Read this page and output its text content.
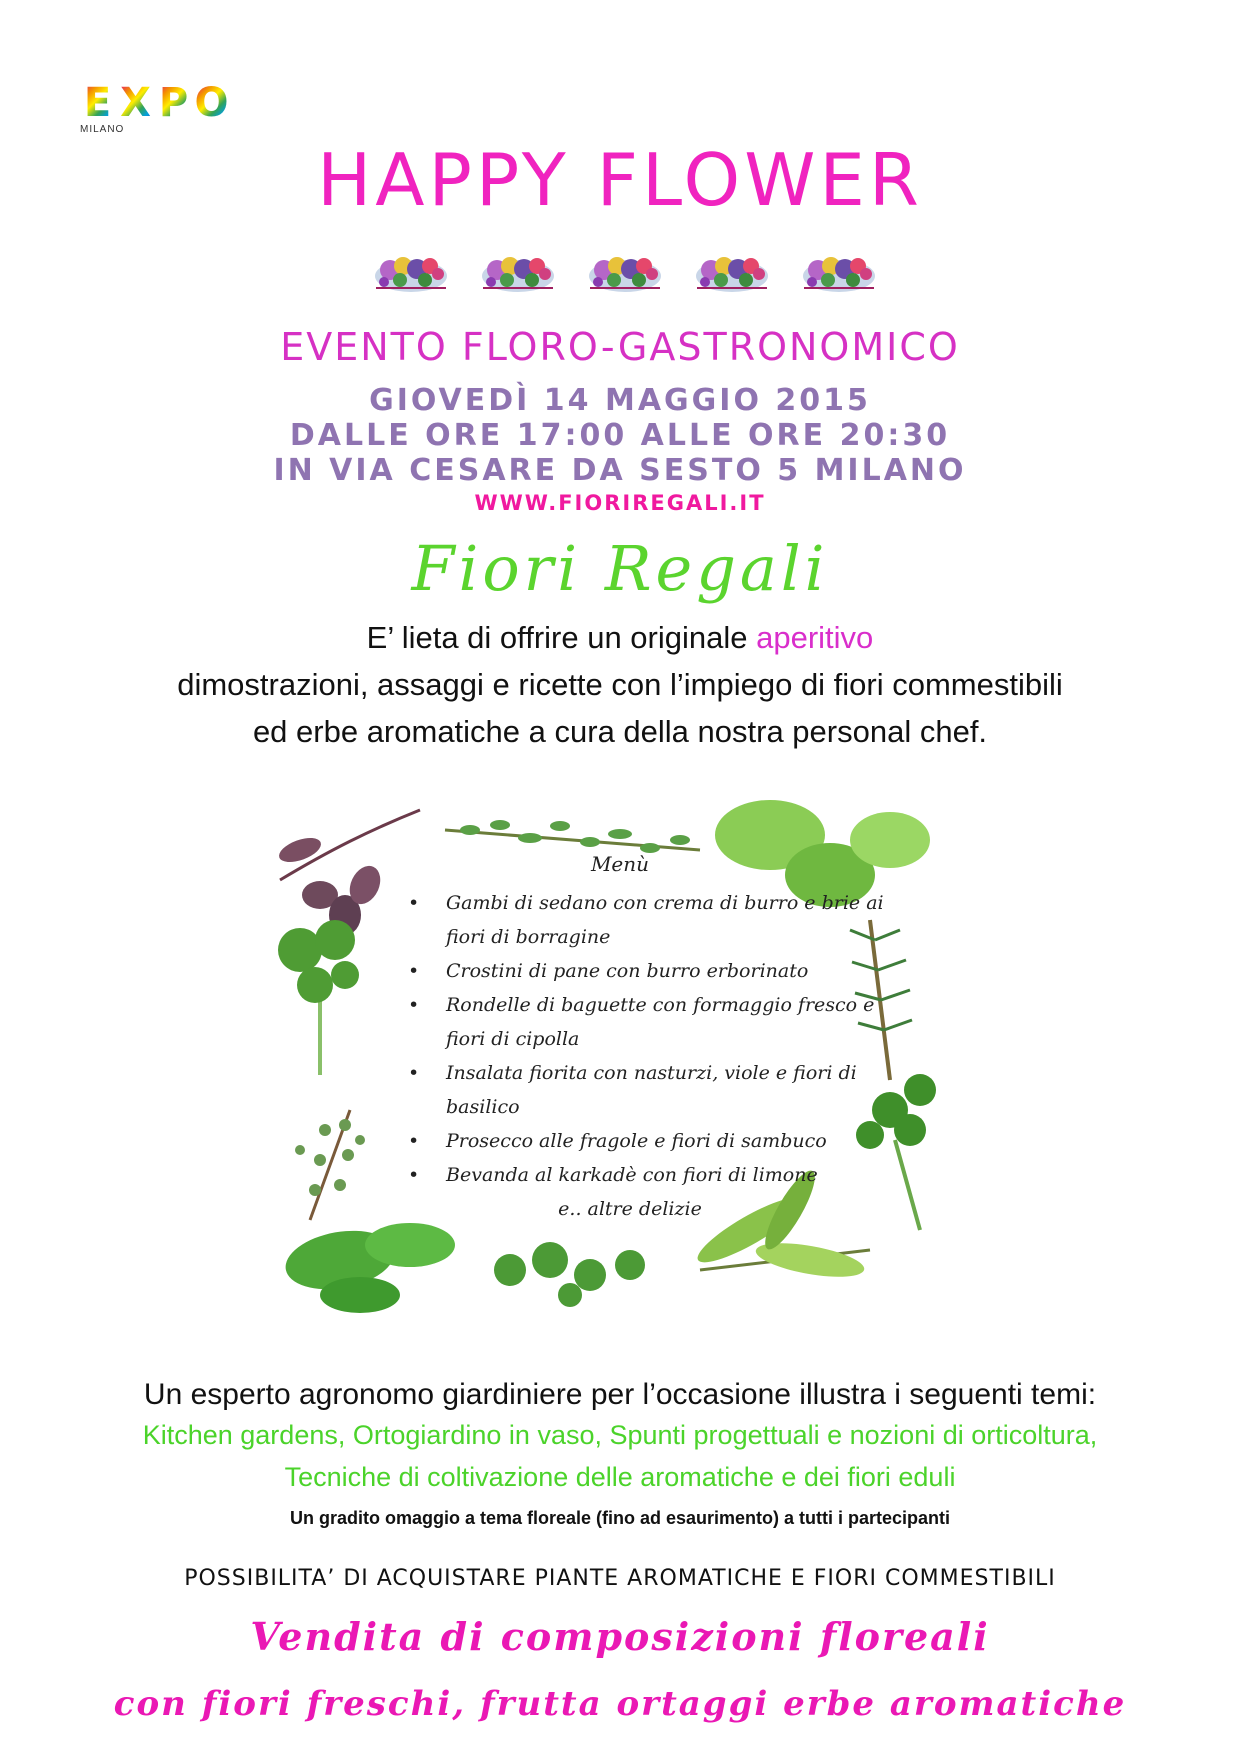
E X P O
MILANO
HAPPY FLOWER
EVENTO FLORO-GASTRONOMICO
GIOVEDÌ 14 MAGGIO 2015
DALLE ORE 17:00 ALLE ORE 20:30
IN VIA CESARE DA SESTO 5 MILANO
WWW.FIORIREGALI.IT
Fiori Regali
E’ lieta di offrire un originale aperitivo
dimostrazioni, assaggi e ricette con l’impiego di fiori commestibili
ed erbe aromatiche a cura della nostra personal chef.
Menù
• Gambi di sedano con crema di burro e brie ai fiori di borragine
• Crostini di pane con burro erborinato
• Rondelle di baguette con formaggio fresco e fiori di cipolla
• Insalata fiorita con nasturzi, viole e fiori di basilico
• Prosecco alle fragole e fiori di sambuco
• Bevanda al karkadè con fiori di limone
e.. altre delizie
Un esperto agronomo giardiniere per l’occasione illustra i seguenti temi:
Kitchen gardens, Ortogiardino in vaso, Spunti progettuali e nozioni di orticoltura,
Tecniche di coltivazione delle aromatiche e dei fiori eduli
Un gradito omaggio a tema floreale (fino ad esaurimento) a tutti i partecipanti
POSSIBILITA’ DI ACQUISTARE PIANTE AROMATICHE E FIORI COMMESTIBILI
Vendita di composizioni floreali
con fiori freschi, frutta ortaggi erbe aromatiche
